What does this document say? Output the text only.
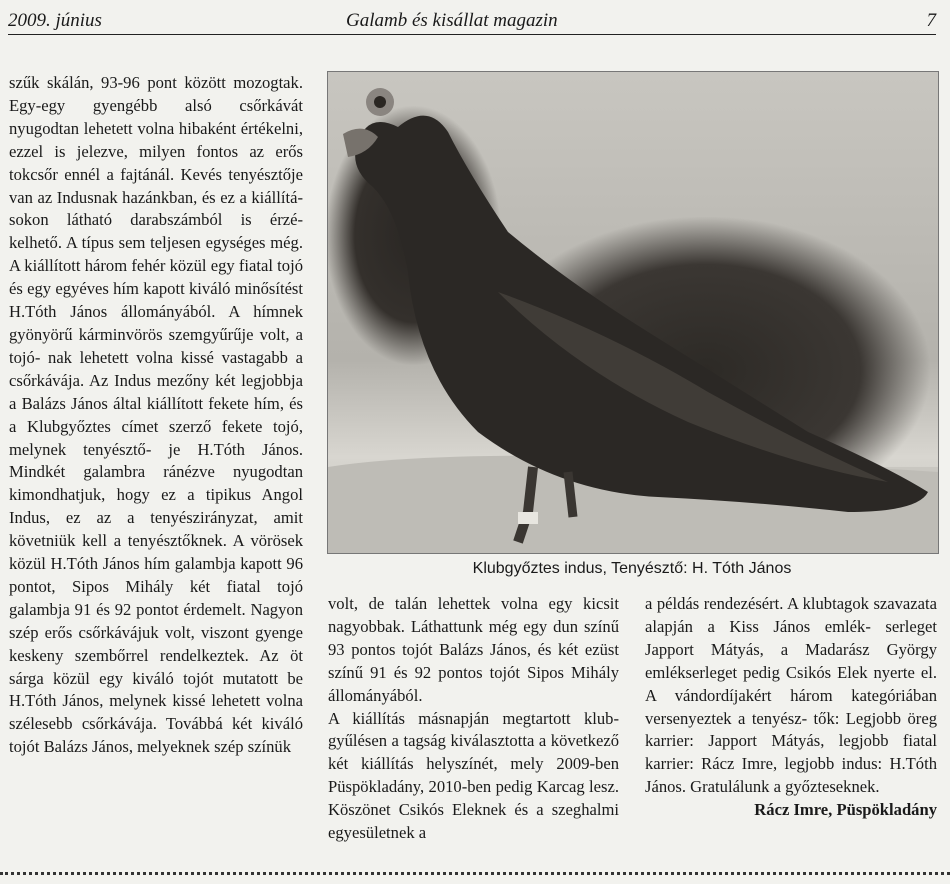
2009. június	Galamb és kisállat magazin	7

szűk skálán, 93-96 pont között mozogtak. Egy-egy gyengébb alsó csőrkávát nyugodtan lehetett volna hibaként értékelni, ezzel is jelezve, milyen fontos az erős tokcsőr ennél a fajtánál. Kevés tenyésztője van az Indusnak hazánkban, és ez a kiállítá- sokon látható darabszámból is érzé- kelhető. A típus sem teljesen egységes még. A kiállított három fehér közül egy fiatal tojó és egy egyéves hím kapott kiváló minősítést H.Tóth János állományából. A hímnek gyönyörű kárminvörös szemgyűrűje volt, a tojó- nak lehetett volna kissé vastagabb a csőrkávája. Az Indus mezőny két legjobbja a Balázs János által kiállított fekete hím, és a Klubgyőztes címet szerző fekete tojó, melynek tenyésztő- je H.Tóth János. Mindkét galambra ránézve nyugodtan kimondhatjuk, hogy ez a tipikus Angol Indus, ez az a tenyészirányzat, amit követniük kell a tenyésztőknek. A vörösek közül H.Tóth János hím galambja kapott 96 pontot, Sipos Mihály két fiatal tojó galambja 91 és 92 pontot érdemelt. Nagyon szép erős csőrkávájuk volt, viszont gyenge keskeny szembőrrel rendelkeztek. Az öt sárga közül egy kiváló tojót mutatott be H.Tóth János, melynek kissé lehetett volna szélesebb csőrkávája. Továbbá két kiváló tojót Balázs János, melyeknek szép színük

Klubgyőztes indus, Tenyésztő: H. Tóth János

volt, de talán lehettek volna egy kicsit nagyobbak. Láthattunk még egy dun színű 93 pontos tojót Balázs János, és két ezüst színű 91 és 92 pontos tojót Sipos Mihály állományából.

A kiállítás másnapján megtartott klub- gyűlésen a tagság kiválasztotta a következő két kiállítás helyszínét, mely 2009-ben Püspökladány, 2010-ben pedig Karcag lesz. Köszönet Csikós Eleknek és a szeghalmi egyesületnek a

a példás rendezésért. A klubtagok szavazata alapján a Kiss János emlék- serleget Japport Mátyás, a Madarász György emlékserleget pedig Csikós Elek nyerte el. A vándordíjakért három kategóriában versenyeztek a tenyész- tők: Legjobb öreg karrier: Japport Mátyás, legjobb fiatal karrier: Rácz Imre, legjobb indus: H.Tóth János. Gratulálunk a győzteseknek.

Rácz Imre, Püspökladány
